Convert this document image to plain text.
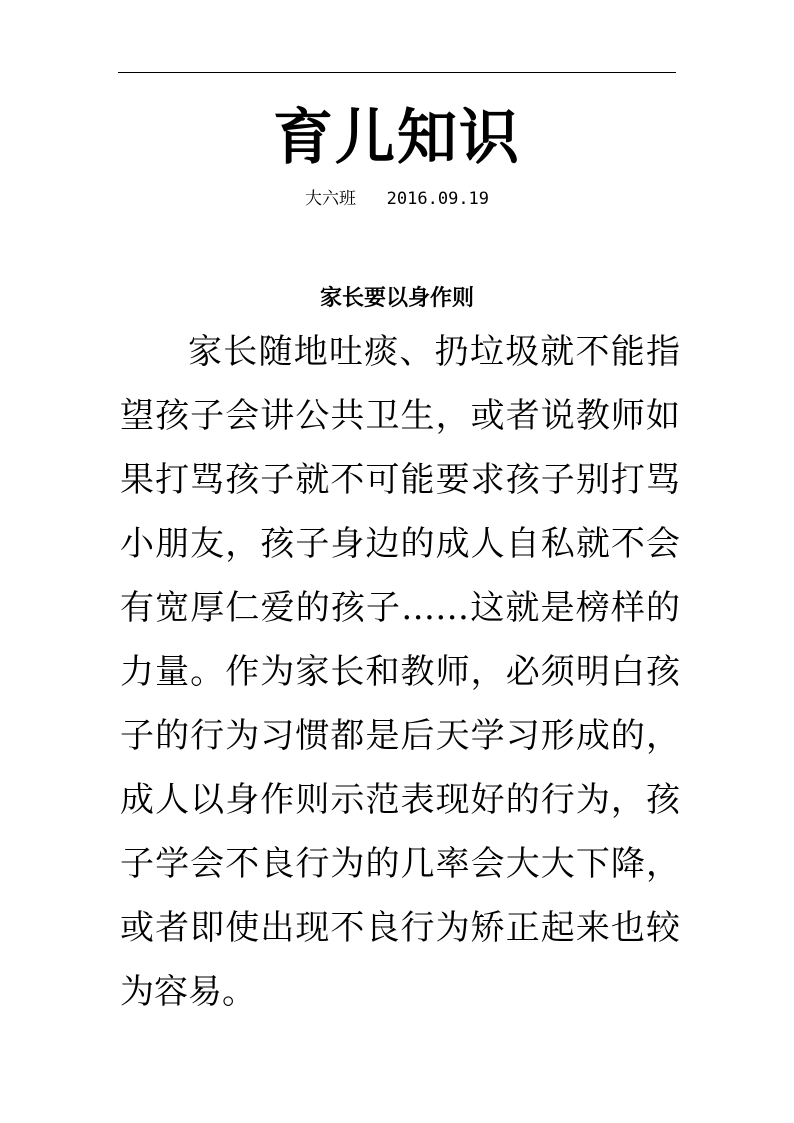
育儿知识
大六班 2016.09.19
家长要以身作则

家长随地吐痰、扔垃圾就不能指望孩子会讲公共卫生，或者说教师如果打骂孩子就不可能要求孩子别打骂小朋友，孩子身边的成人自私就不会有宽厚仁爱的孩子……这就是榜样的力量。作为家长和教师，必须明白孩子的行为习惯都是后天学习形成的，成人以身作则示范表现好的行为，孩子学会不良行为的几率会大大下降，或者即使出现不良行为矫正起来也较为容易。
